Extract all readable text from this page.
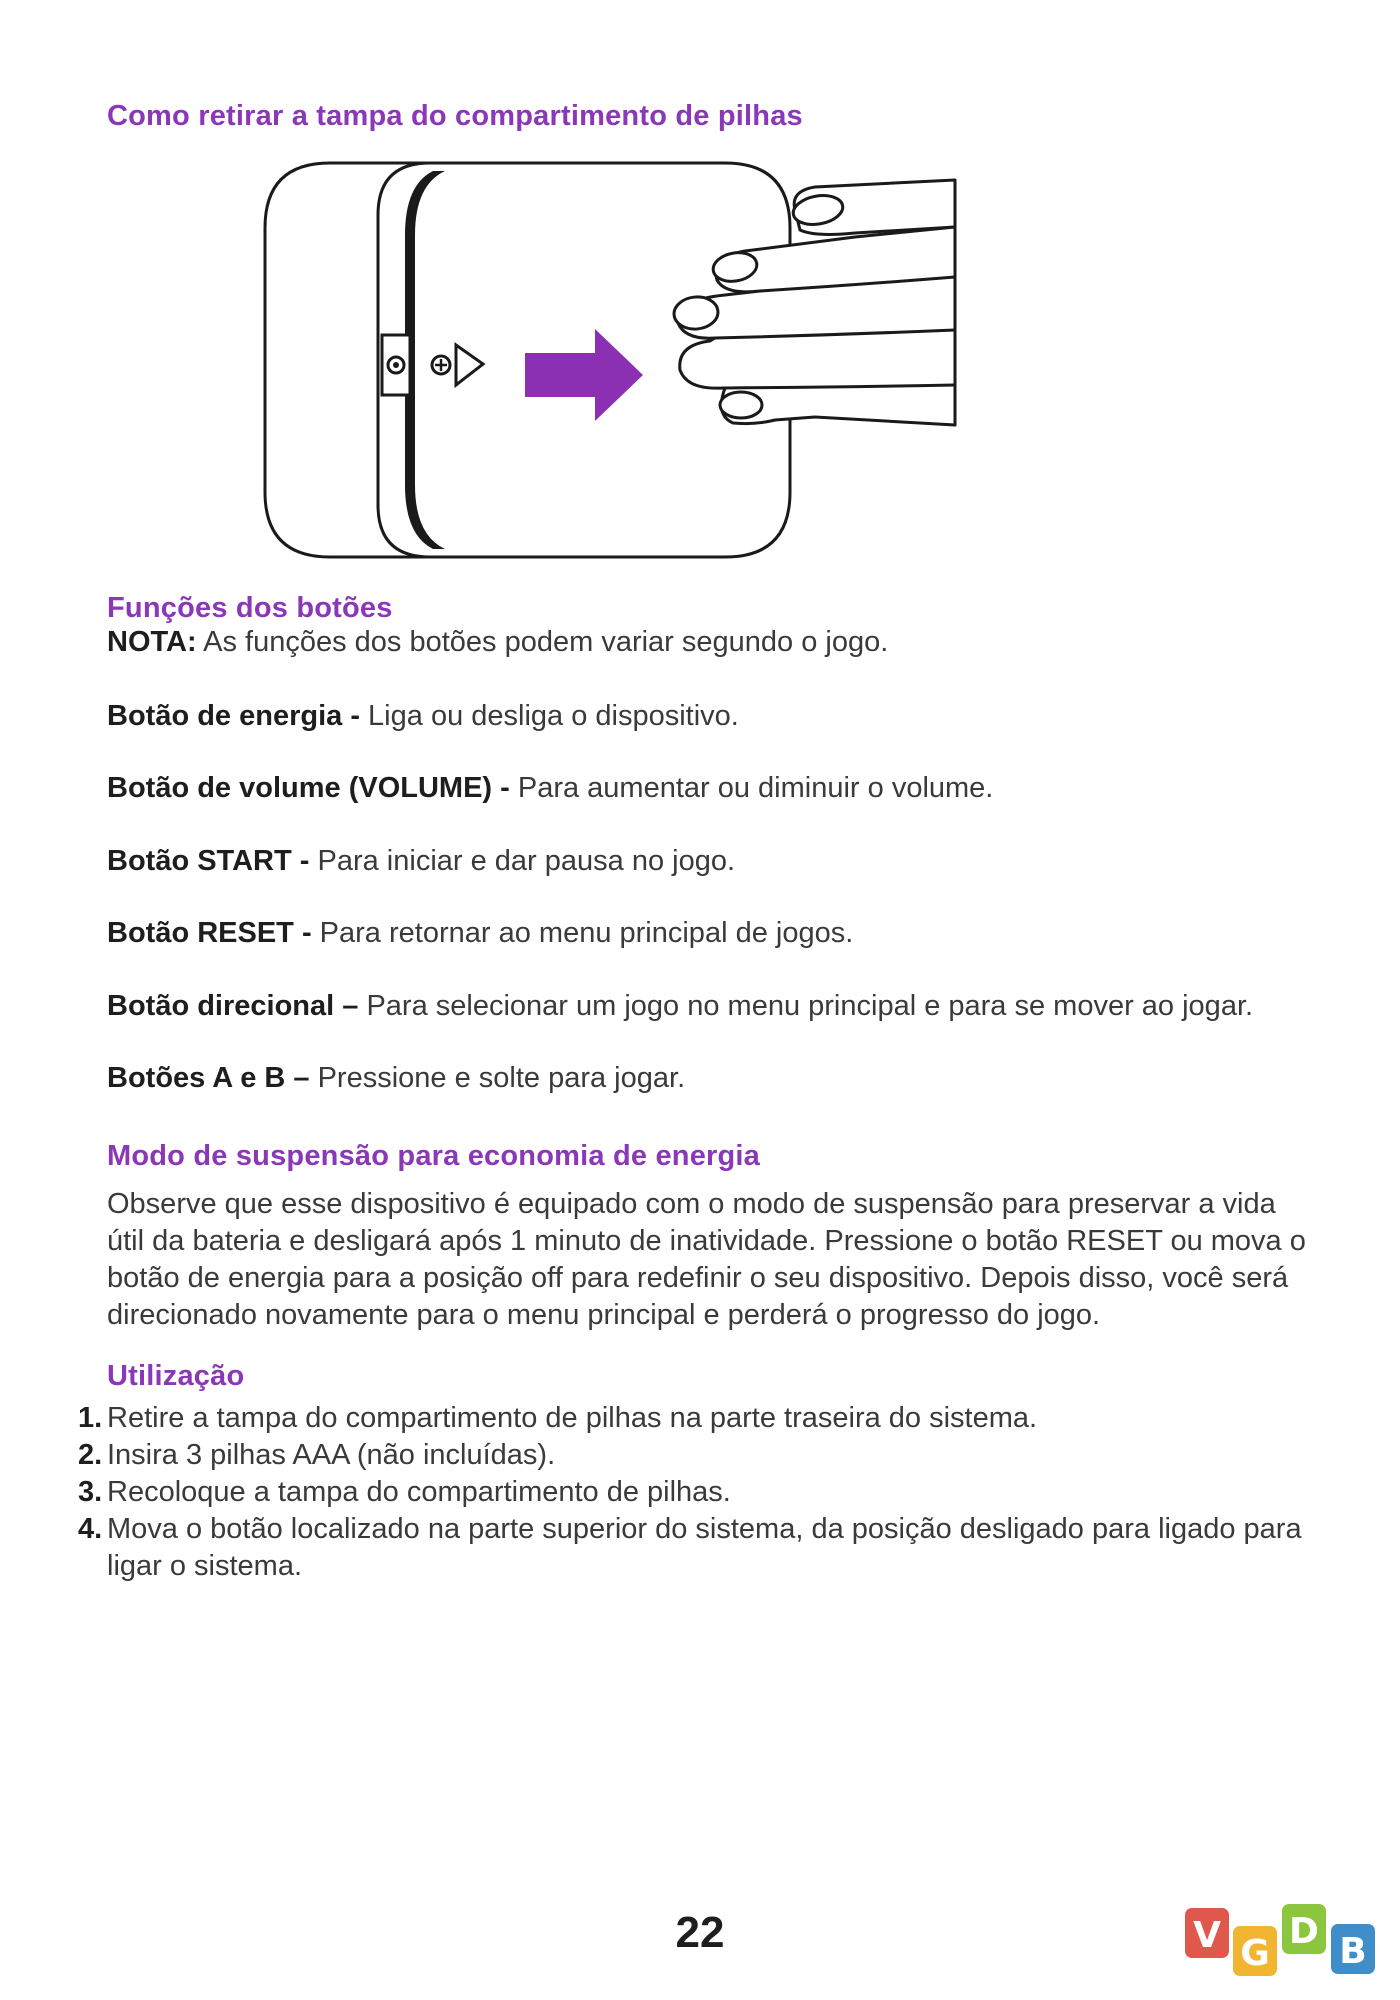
Como retirar a tampa do compartimento de pilhas
Funções dos botões

NOTA: As funções dos botões podem variar segundo o jogo.

Botão de energia - Liga ou desliga o dispositivo.

Botão de volume (VOLUME) - Para aumentar ou diminuir o volume.

Botão START - Para iniciar e dar pausa no jogo.

Botão RESET - Para retornar ao menu principal de jogos.

Botão direcional – Para selecionar um jogo no menu principal e para se mover ao jogar.

Botões A e B – Pressione e solte para jogar.

Modo de suspensão para economia de energia

Observe que esse dispositivo é equipado com o modo de suspensão para preservar a vida útil da bateria e desligará após 1 minuto de inatividade. Pressione o botão RESET ou mova o botão de energia para a posição off para redefinir o seu dispositivo. Depois disso, você será direcionado novamente para o menu principal e perderá o progresso do jogo.

Utilização
1. Retire a tampa do compartimento de pilhas na parte traseira do sistema.
2. Insira 3 pilhas AAA (não incluídas).
3. Recoloque a tampa do compartimento de pilhas.
4. Mova o botão localizado na parte superior do sistema, da posição desligado para ligado para ligar o sistema.
22	V G
D B
